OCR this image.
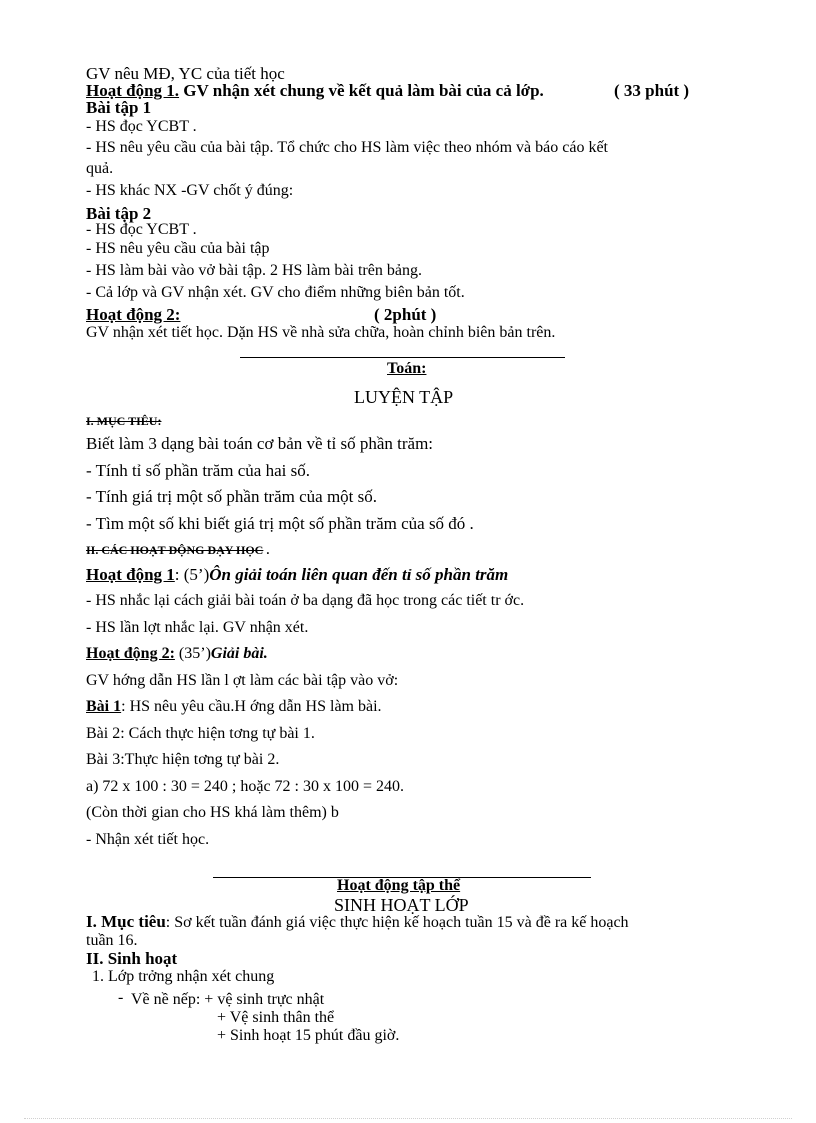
GV nêu MĐ, YC của tiết học
Hoạt động 1. GV nhận xét chung về kết quả làm bài của cả lớp.	( 33 phút )
Bài tập 1
- HS đọc YCBT .
- HS nêu yêu cầu của bài tập. Tổ chức cho HS làm việc theo nhóm và báo cáo kết
quả.
- HS khác NX -GV chốt ý đúng:
Bài tập 2
- HS đọc YCBT .
- HS nêu yêu cầu của bài tập
- HS làm bài vào vở bài tập. 2 HS làm bài trên bảng.
- Cả lớp và GV nhận xét. GV cho điểm những biên bản tốt.
Hoạt động 2:	( 2phút )
GV nhận xét tiết học. Dặn HS về nhà sửa chữa, hoàn chỉnh biên bản trên.
Toán:
LUYỆN TẬP
I. MỤC TIÊU:
Biết làm 3 dạng bài toán cơ bản về tỉ số phần trăm:
- Tính tỉ số phần trăm của hai số.
- Tính giá trị một số phần trăm của một số.
- Tìm một số khi biết giá trị một số phần trăm của số đó .
II. CÁC HOẠT ĐỘNG DẠY HỌC .
Hoạt động 1: (5’)Ôn giải toán liên quan đến tỉ số phần trăm
- HS nhắc lại cách giải bài toán ở ba dạng đã học trong các tiết tr ớc.
- HS lần lợt nhắc lại. GV nhận xét.
Hoạt động 2: (35’)Giải bài.
GV hớng dẫn HS lần l ợt làm các bài tập vào vở:
Bài 1: HS nêu yêu cầu.H ớng dẫn HS làm bài.
Bài 2: Cách thực hiện tơng tự bài 1.
Bài 3:Thực hiện tơng tự bài 2.
a) 72 x 100 : 30 = 240 ; hoặc 72 : 30 x 100 = 240.
(Còn thời gian cho HS khá làm thêm) b
- Nhận xét tiết học.
Hoạt động tập thể
SINH HOẠT LỚP
I. Mục tiêu: Sơ kết tuần đánh giá việc thực hiện kế hoạch tuần 15 và đề ra kế hoạch
tuần 16.
II. Sinh hoạt
1. Lớp trởng nhận xét chung
- Về nề nếp: + vệ sinh trực nhật
+ Vệ sinh thân thể
+ Sinh hoạt 15 phút đầu giờ.
